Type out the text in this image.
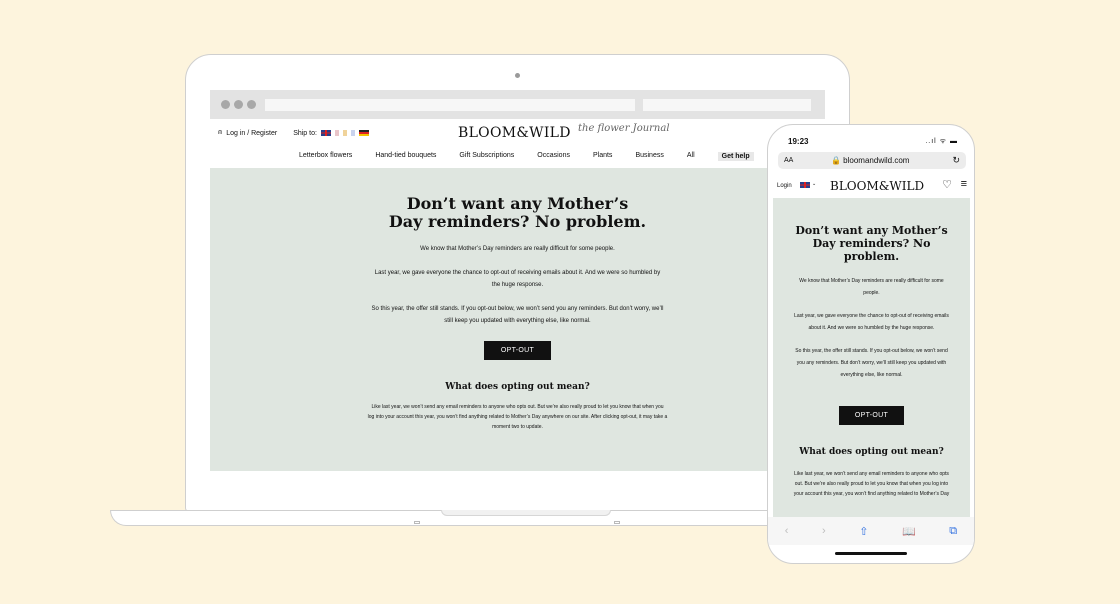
⍝ Log in / Register Ship to:	BLOOM&WILD the flower Journal
Letterbox flowers	Hand-tied bouquets	Gift Subscriptions	Occasions	Plants	Business	All	Get help
Don’t want any Mother’s Day reminders? No problem.

We know that Mother’s Day reminders are really difficult for some people.

Last year, we gave everyone the chance to opt-out of receiving emails about it. And we were so humbled by the huge response.

So this year, the offer still stands. If you opt-out below, we won’t send you any reminders. But don’t worry, we’ll still keep you updated with everything else, like normal.

OPT-OUT
What does opting out mean?

Like last year, we won’t send any email reminders to anyone who opts out. But we’re also really proud to let you know that when you log into your account this year, you won’t find anything related to Mother’s Day anywhere on our site. After clicking opt-out, it may take a moment two to update.

19:23	..ıl ᯤ ▬
AA	🔒 bloomandwild.com	↻
Login	⌄ BLOOM&WILD ♡ ≡
Don’t want any Mother’s Day reminders? No problem.

We know that Mother’s Day reminders are really difficult for some people.

Last year, we gave everyone the chance to opt-out of receiving emails about it. And we were so humbled by the huge response.

So this year, the offer still stands. If you opt-out below, we won’t send you any reminders. But don’t worry, we’ll still keep you updated with everything else, like normal.

OPT-OUT
What does opting out mean?

Like last year, we won’t send any email reminders to anyone who opts out. But we’re also really proud to let you know that when you log into your account this year, you won’t find anything related to Mother’s Day

‹	›	⇧	📖	⧉
